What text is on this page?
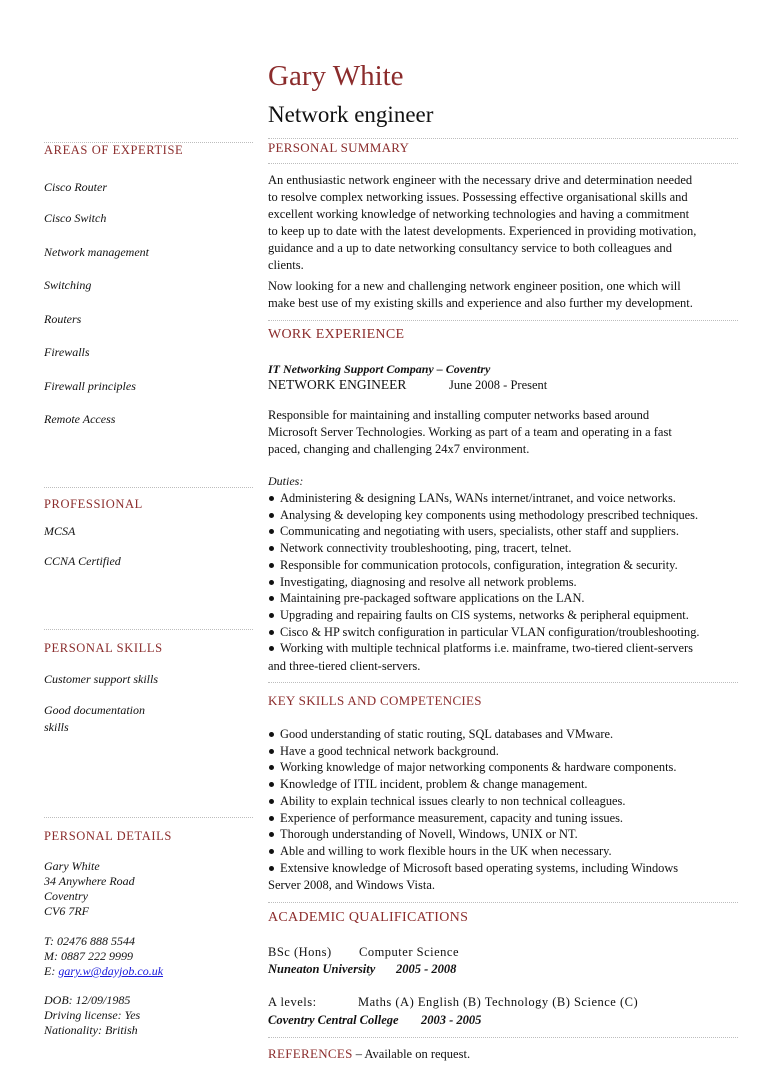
Gary White
Network engineer
AREAS OF EXPERTISE
Cisco Router
Cisco Switch
Network management
Switching
Routers
Firewalls
Firewall principles
Remote Access
PROFESSIONAL
MCSA
CCNA Certified
PERSONAL SKILLS
Customer support skills
Good documentation
skills
PERSONAL DETAILS
Gary White
34 Anywhere Road
Coventry
CV6 7RF
T: 02476 888 5544
M: 0887 222 9999
E: gary.w@dayjob.co.uk
DOB: 12/09/1985
Driving license: Yes
Nationality: British
PERSONAL SUMMARY
An enthusiastic network engineer with the necessary drive and determination needed
to resolve complex networking issues. Possessing effective organisational skills and
excellent working knowledge of networking technologies and having a commitment
to keep up to date with the latest developments. Experienced in providing motivation,
guidance and a up to date networking consultancy service to both colleagues and
clients.
Now looking for a new and challenging network engineer position, one which will
make best use of my existing skills and experience and also further my development.
WORK EXPERIENCE
IT Networking Support Company – Coventry
NETWORK ENGINEER	June 2008 - Present
Responsible for maintaining and installing computer networks based around
Microsoft Server Technologies. Working as part of a team and operating in a fast
paced, changing and challenging 24x7 environment.
Duties:
Administering & designing LANs, WANs internet/intranet, and voice networks.
Analysing & developing key components using methodology prescribed techniques.
Communicating and negotiating with users, specialists, other staff and suppliers.
Network connectivity troubleshooting, ping, tracert, telnet.
Responsible for communication protocols, configuration, integration & security.
Investigating, diagnosing and resolve all network problems.
Maintaining pre-packaged software applications on the LAN.
Upgrading and repairing faults on CIS systems, networks & peripheral equipment.
Cisco & HP switch configuration in particular VLAN configuration/troubleshooting.
Working with multiple technical platforms i.e. mainframe, two-tiered client-servers
and three-tiered client-servers.
KEY SKILLS AND COMPETENCIES
Good understanding of static routing, SQL databases and VMware.
Have a good technical network background.
Working knowledge of major networking components & hardware components.
Knowledge of ITIL incident, problem & change management.
Ability to explain technical issues clearly to non technical colleagues.
Experience of performance measurement, capacity and tuning issues.
Thorough understanding of Novell, Windows, UNIX or NT.
Able and willing to work flexible hours in the UK when necessary.
Extensive knowledge of Microsoft based operating systems, including Windows
Server 2008, and Windows Vista.
ACADEMIC QUALIFICATIONS
BSc (Hons) Computer Science
Nuneaton University 2005 - 2008
A levels:	Maths (A) English (B) Technology (B) Science (C)
Coventry Central College 2003 - 2005
REFERENCES – Available on request.
